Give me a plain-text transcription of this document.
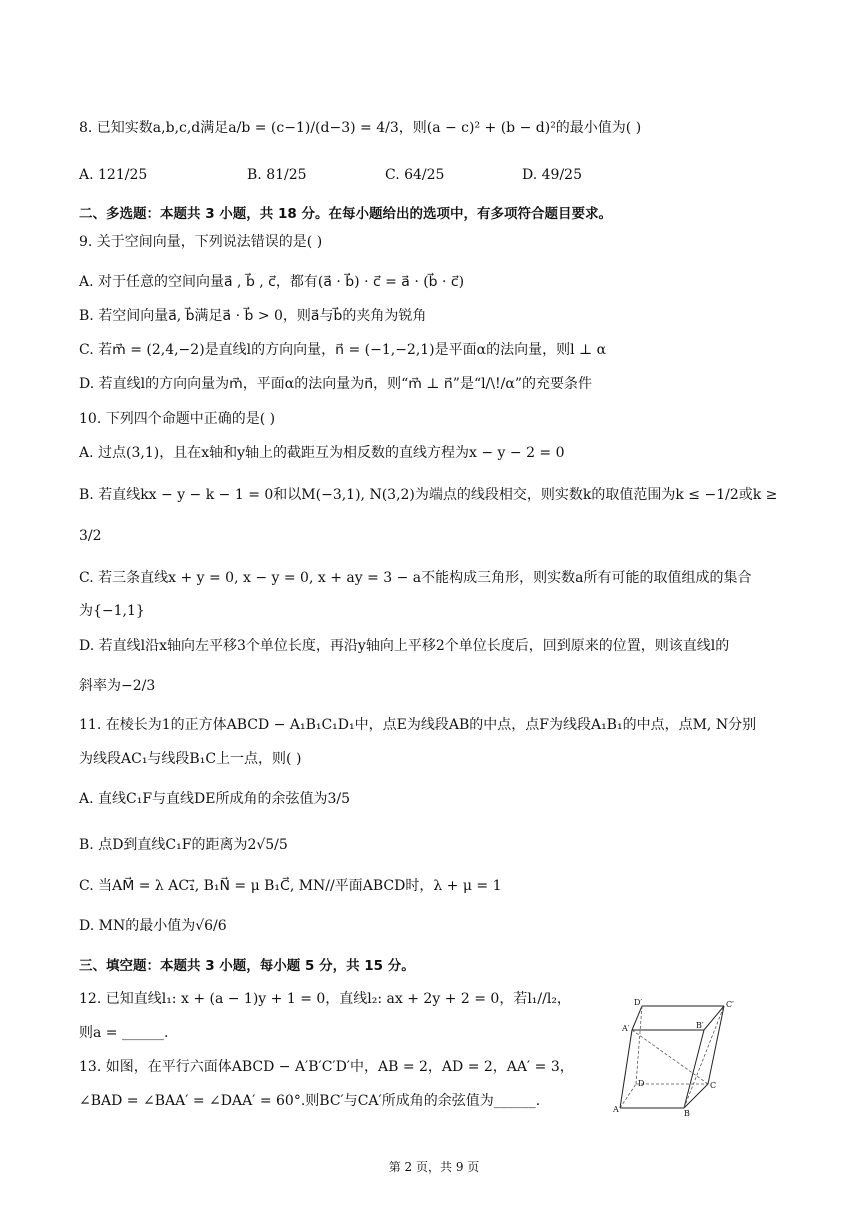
8. 已知实数a,b,c,d满足a/b = (c−1)/(d−3) = 4/3，则(a − c)² + (b − d)²的最小值为( )
A. 121/25	B. 81/25	C. 64/25	D. 49/25
二、多选题：本题共 3 小题，共 18 分。在每小题给出的选项中，有多项符合题目要求。
9. 关于空间向量，下列说法错误的是( )
A. 对于任意的空间向量a⃗ , b⃗ , c⃗，都有(a⃗ · b⃗) · c⃗ = a⃗ · (b⃗ · c⃗)
B. 若空间向量a⃗, b⃗满足a⃗ · b⃗ > 0，则a⃗与b⃗的夹角为锐角
C. 若m⃗ = (2,4,−2)是直线l的方向向量，n⃗ = (−1,−2,1)是平面α的法向量，则l ⊥ α
D. 若直线l的方向向量为m⃗，平面α的法向量为n⃗，则“m⃗ ⊥ n⃗”是“l/\!/α”的充要条件
10. 下列四个命题中正确的是( )
A. 过点(3,1)，且在x轴和y轴上的截距互为相反数的直线方程为x − y − 2 = 0
B. 若直线kx − y − k − 1 = 0和以M(−3,1), N(3,2)为端点的线段相交，则实数k的取值范围为k ≤ −1/2或k ≥
3/2
C. 若三条直线x + y = 0, x − y = 0, x + ay = 3 − a不能构成三角形，则实数a所有可能的取值组成的集合
为{−1,1}
D. 若直线l沿x轴向左平移3个单位长度，再沿y轴向上平移2个单位长度后，回到原来的位置，则该直线l的
斜率为−2/3
11. 在棱长为1的正方体ABCD − A₁B₁C₁D₁中，点E为线段AB的中点，点F为线段A₁B₁的中点，点M, N分别
为线段AC₁与线段B₁C上一点，则( )
A. 直线C₁F与直线DE所成角的余弦值为3/5
B. 点D到直线C₁F的距离为2√5/5
C. 当AM⃗ = λ AC₁⃗, B₁N⃗ = μ B₁C⃗, MN//平面ABCD时，λ + μ = 1
D. MN的最小值为√6/6
三、填空题：本题共 3 小题，每小题 5 分，共 15 分。
12. 已知直线l₁: x + (a − 1)y + 1 = 0，直线l₂: ax + 2y + 2 = 0，若l₁//l₂，
则a = ______.
13. 如图，在平行六面体ABCD − A′B′C′D′中，AB = 2，AD = 2，AA′ = 3，
∠BAD = ∠BAA′ = ∠DAA′ = 60°.则BC′与CA′所成角的余弦值为______.
D′	C′
A′	B′
D	C
A	B
第 2 页，共 9 页
